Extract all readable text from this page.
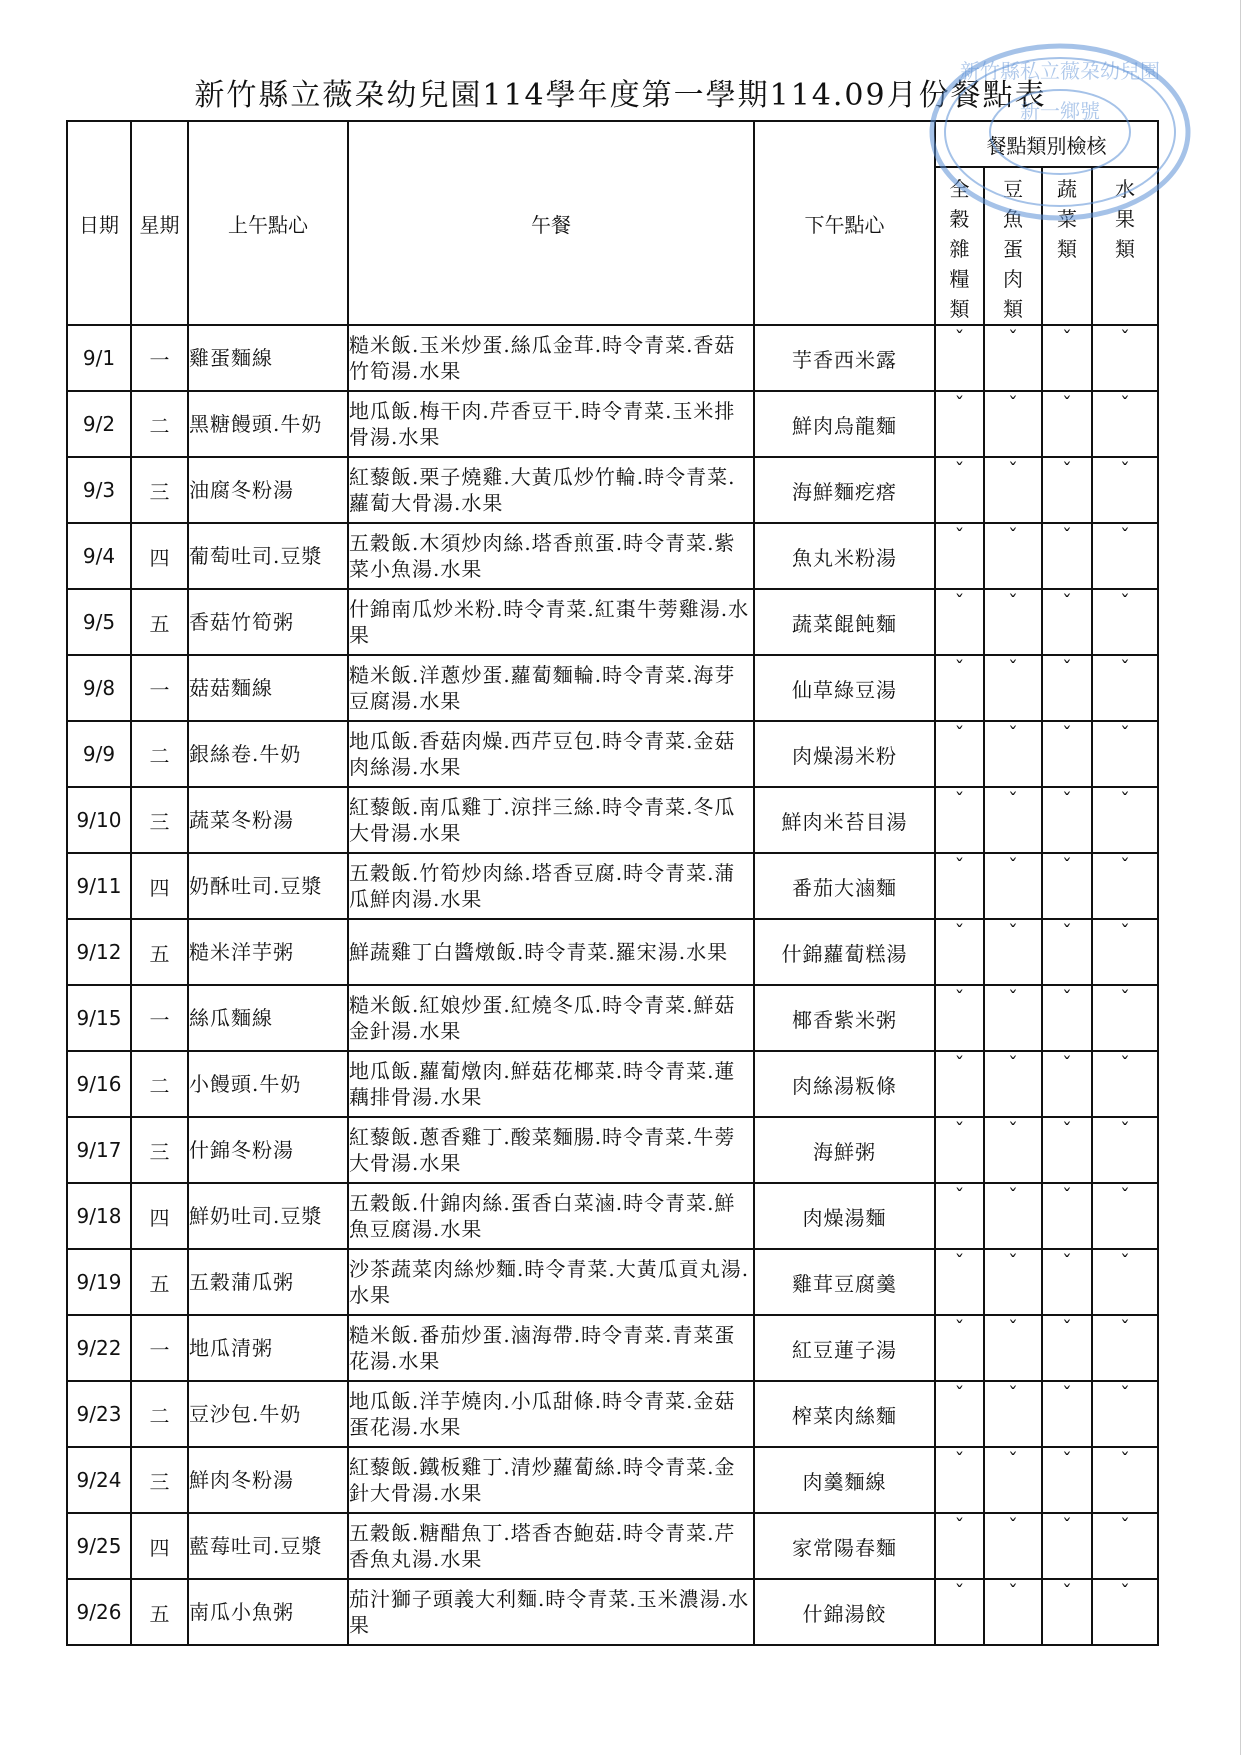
新竹縣立薇朶幼兒園114學年度第一學期114.09月份餐點表
日期	星期	上午點心	午餐	下午點心	餐點類別檢核			
					全穀雜糧類	豆魚蛋肉類	蔬菜類	水果類
9/1	一	雞蛋麵線	糙米飯.玉米炒蛋.絲瓜金茸.時令青菜.香菇竹筍湯.水果	芋香西米露	ˇ	ˇ	ˇ	ˇ
9/2	二	黑糖饅頭.牛奶	地瓜飯.梅干肉.芹香豆干.時令青菜.玉米排骨湯.水果	鮮肉烏龍麵	ˇ	ˇ	ˇ	ˇ
9/3	三	油腐冬粉湯	紅藜飯.栗子燒雞.大黃瓜炒竹輪.時令青菜.蘿蔔大骨湯.水果	海鮮麵疙瘩	ˇ	ˇ	ˇ	ˇ
9/4	四	葡萄吐司.豆漿	五穀飯.木須炒肉絲.塔香煎蛋.時令青菜.紫菜小魚湯.水果	魚丸米粉湯	ˇ	ˇ	ˇ	ˇ
9/5	五	香菇竹筍粥	什錦南瓜炒米粉.時令青菜.紅棗牛蒡雞湯.水果	蔬菜餛飩麵	ˇ	ˇ	ˇ	ˇ
9/8	一	菇菇麵線	糙米飯.洋蔥炒蛋.蘿蔔麵輪.時令青菜.海芽豆腐湯.水果	仙草綠豆湯	ˇ	ˇ	ˇ	ˇ
9/9	二	銀絲卷.牛奶	地瓜飯.香菇肉燥.西芹豆包.時令青菜.金菇肉絲湯.水果	肉燥湯米粉	ˇ	ˇ	ˇ	ˇ
9/10	三	蔬菜冬粉湯	紅藜飯.南瓜雞丁.涼拌三絲.時令青菜.冬瓜大骨湯.水果	鮮肉米苔目湯	ˇ	ˇ	ˇ	ˇ
9/11	四	奶酥吐司.豆漿	五穀飯.竹筍炒肉絲.塔香豆腐.時令青菜.蒲瓜鮮肉湯.水果	番茄大滷麵	ˇ	ˇ	ˇ	ˇ
9/12	五	糙米洋芋粥	鮮蔬雞丁白醬燉飯.時令青菜.羅宋湯.水果	什錦蘿蔔糕湯	ˇ	ˇ	ˇ	ˇ
9/15	一	絲瓜麵線	糙米飯.紅娘炒蛋.紅燒冬瓜.時令青菜.鮮菇金針湯.水果	椰香紫米粥	ˇ	ˇ	ˇ	ˇ
9/16	二	小饅頭.牛奶	地瓜飯.蘿蔔燉肉.鮮菇花椰菜.時令青菜.蓮藕排骨湯.水果	肉絲湯粄條	ˇ	ˇ	ˇ	ˇ
9/17	三	什錦冬粉湯	紅藜飯.蔥香雞丁.酸菜麵腸.時令青菜.牛蒡大骨湯.水果	海鮮粥	ˇ	ˇ	ˇ	ˇ
9/18	四	鮮奶吐司.豆漿	五穀飯.什錦肉絲.蛋香白菜滷.時令青菜.鮮魚豆腐湯.水果	肉燥湯麵	ˇ	ˇ	ˇ	ˇ
9/19	五	五穀蒲瓜粥	沙茶蔬菜肉絲炒麵.時令青菜.大黃瓜貢丸湯.水果	雞茸豆腐羹	ˇ	ˇ	ˇ	ˇ
9/22	一	地瓜清粥	糙米飯.番茄炒蛋.滷海帶.時令青菜.青菜蛋花湯.水果	紅豆蓮子湯	ˇ	ˇ	ˇ	ˇ
9/23	二	豆沙包.牛奶	地瓜飯.洋芋燒肉.小瓜甜條.時令青菜.金菇蛋花湯.水果	榨菜肉絲麵	ˇ	ˇ	ˇ	ˇ
9/24	三	鮮肉冬粉湯	紅藜飯.鐵板雞丁.清炒蘿蔔絲.時令青菜.金針大骨湯.水果	肉羹麵線	ˇ	ˇ	ˇ	ˇ
9/25	四	藍莓吐司.豆漿	五穀飯.糖醋魚丁.塔香杏鮑菇.時令青菜.芹香魚丸湯.水果	家常陽春麵	ˇ	ˇ	ˇ	ˇ
9/26	五	南瓜小魚粥	茄汁獅子頭義大利麵.時令青菜.玉米濃湯.水果	什錦湯餃	ˇ	ˇ	ˇ	ˇ
新竹縣私立薇朶幼兒園
新一鄉號
